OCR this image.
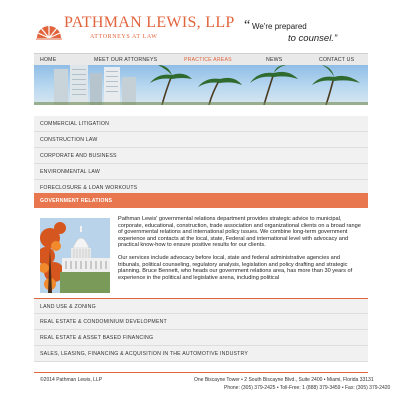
PATHMAN LEWIS, LLP
ATTORNEYS AT LAW
“ We're prepared
to counsel.”
HOME	MEET OUR ATTORNEYS	PRACTICE AREAS	NEWS	CONTACT US
COMMERCIAL LITIGATION
CONSTRUCTION LAW
CORPORATE AND BUSINESS
ENVIRONMENTAL LAW
FORECLOSURE & LOAN WORKOUTS
GOVERNMENT RELATIONS

Pathman Lewis' governmental relations department provides strategic advice to municipal, corporate, educational, construction, trade association and organizational clients on a broad range of governmental relations and international policy issues. We combine long-term government experience and contacts at the local, state, Federal and international level with advocacy and practical know-how to ensure positive results for our clients.

Our services include advocacy before local, state and federal administrative agencies and tribunals, political counseling, regulatory analysis, legislation and policy drafting and strategic planning. Bruce Bennett, who heads our government relations area, has more than 30 years of experience in the political and legislative arena, including political

LAND USE & ZONING
REAL ESTATE & CONDOMINIUM DEVELOPMENT
REAL ESTATE & ASSET BASED FINANCING
SALES, LEASING, FINANCING & ACQUISITION IN THE AUTOMOTIVE INDUSTRY
©2014 Pathman Lewis, LLP	One Biscayne Tower • 2 South Biscayne Blvd., Suite 2400 • Miami, Florida 33131
Phone: (305) 379-2425 • Toll-Free: 1 (888) 379-3459 • Fax: (305) 379-2420
